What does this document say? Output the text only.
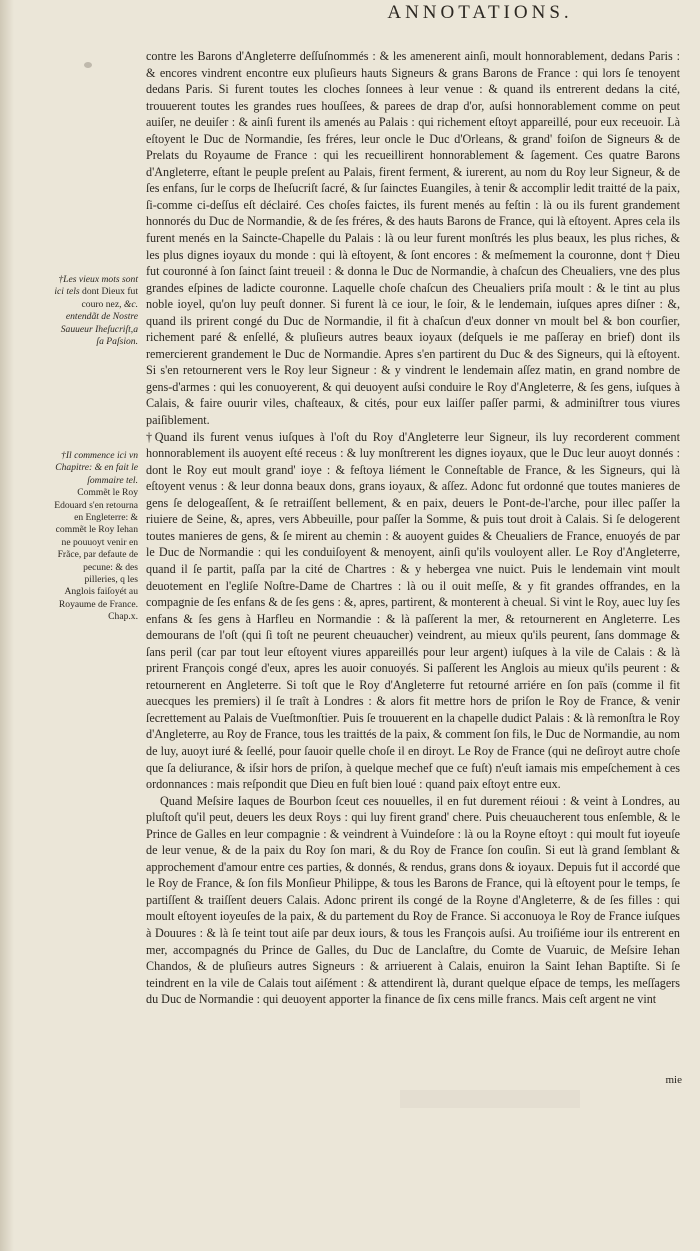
ANNOTATIONS.
†Les vieux mots sont ici tels dont Dieux fut couro nez, &c. entendãt de Nostre Sauueur Iheſucriſt,a ſa Paſsion.
†Il commence ici vn Chapitre: & en fait le ſommaire tel. Commẽt le Roy Edouard s'en retourna en Engleterre: & commẽt le Roy Iehan ne pouuoyt venir en Frãce, par defaute de pecune: & des pilleries, q les Anglois faiſoyét au Royaume de France. Chap.x.

contre les Barons d'Angleterre deſſuſnommés : & les amenerent ainſi, moult honnorablement, dedans Paris : & encores vindrent encontre eux pluſieurs hauts Signeurs & grans Barons de France : qui lors ſe tenoyent dedans Paris. Si furent toutes les cloches ſonnees à leur venue : & quand ils entrerent dedans la cité, trouuerent toutes les grandes rues houſſees, & parees de drap d'or, auſsi honnorablement comme on peut auiſer, ne deuiſer : & ainſi furent ils amenés au Palais : qui richement eſtoyt appareillé, pour eux receuoir. Là eſtoyent le Duc de Normandie, ſes fréres, leur oncle le Duc d'Orleans, & grand' foiſon de Signeurs & de Prelats du Royaume de France : qui les recueillirent honnorablement & ſagement. Ces quatre Barons d'Angleterre, eſtant le peuple preſent au Palais, firent ferment, & iurerent, au nom du Roy leur Signeur, & de ſes enfans, ſur le corps de Iheſucriſt ſacré, & ſur ſainctes Euangiles, à tenir & accomplir ledit traitté de la paix, ſi-comme ci-deſſus eſt déclairé. Ces choſes faictes, ils furent menés au feſtin : là ou ils furent grandement honnorés du Duc de Normandie, & de ſes fréres, & des hauts Barons de France, qui là eſtoyent. Apres cela ils furent menés en la Saincte-Chapelle du Palais : là ou leur furent monſtrés les plus beaux, les plus riches, & les plus dignes ioyaux du monde : qui là eſtoyent, & ſont encores : & meſmement la couronne, dont † Dieu fut couronné à ſon ſainct ſaint treueil : & donna le Duc de Normandie, à chaſcun des Cheualiers, vne des plus grandes eſpines de ladicte couronne. Laquelle choſe chaſcun des Cheualiers priſa moult : & le tint au plus noble ioyel, qu'on luy peuſt donner. Si furent là ce iour, le ſoir, & le lendemain, iuſques apres diſner : &, quand ils prirent congé du Duc de Normandie, il fit à chaſcun d'eux donner vn moult bel & bon courſier, richement paré & enſellé, & pluſieurs autres beaux ioyaux (deſquels ie me paſſeray en brief) dont ils remercierent grandement le Duc de Normandie. Apres s'en partirent du Duc & des Signeurs, qui là eſtoyent. Si s'en retournerent vers le Roy leur Signeur : & y vindrent le lendemain aſſez matin, en grand nombre de gens-d'armes : qui les conuoyerent, & qui deuoyent auſsi conduire le Roy d'Angleterre, & ſes gens, iuſques à Calais, & faire ouurir viles, chaſteaux, & cités, pour eux laiſſer paſſer parmi, & adminiſtrer tous viures paiſiblement.

†Quand ils furent venus iuſques à l'oſt du Roy d'Angleterre leur Signeur, ils luy recorderent comment honnorablement ils auoyent eſté receus : & luy monſtrerent les dignes ioyaux, que le Duc leur auoyt donnés : dont le Roy eut moult grand' ioye : & feſtoya liément le Conneſtable de France, & les Signeurs, qui là eſtoyent venus : & leur donna beaux dons, grans ioyaux, & aſſez. Adonc fut ordonné que toutes manieres de gens ſe delogeaſſent, & ſe retraiſſent bellement, & en paix, deuers le Pont-de-l'arche, pour illec paſſer la riuiere de Seine, &, apres, vers Abbeuille, pour paſſer la Somme, & puis tout droit à Calais. Si ſe delogerent toutes manieres de gens, & ſe mirent au chemin : & auoyent guides & Cheualiers de France, enuoyés de par le Duc de Normandie : qui les conduiſoyent & menoyent, ainſi qu'ils vouloyent aller. Le Roy d'Angleterre, quand il ſe partit, paſſa par la cité de Chartres : & y hebergea vne nuict. Puis le lendemain vint moult deuotement en l'egliſe Noſtre-Dame de Chartres : là ou il ouit meſſe, & y fit grandes offrandes, en la compagnie de ſes enfans & de ſes gens : &, apres, partirent, & monterent à cheual. Si vint le Roy, auec luy ſes enfans & ſes gens à Harfleu en Normandie : & là paſſerent la mer, & retournerent en Angleterre. Les demourans de l'oſt (qui ſi toſt ne peurent cheuaucher) veindrent, au mieux qu'ils peurent, ſans dommage & ſans peril (car par tout leur eſtoyent viures appareillés pour leur argent) iuſques à la vile de Calais : & là prirent François congé d'eux, apres les auoir conuoyés. Si paſſerent les Anglois au mieux qu'ils peurent : & retournerent en Angleterre. Si toſt que le Roy d'Angleterre fut retourné arriére en ſon païs (comme il fit auecques les premiers) il ſe traît à Londres : & alors fit mettre hors de priſon le Roy de France, & venir ſecrettement au Palais de Vueſtmonſtier. Puis ſe trouuerent en la chapelle dudict Palais : & là remonſtra le Roy d'Angleterre, au Roy de France, tous les traittés de la paix, & comment ſon fils, le Duc de Normandie, au nom de luy, auoyt iuré & ſeellé, pour ſauoir quelle choſe il en diroyt. Le Roy de France (qui ne deſiroyt autre choſe que ſa deliurance, & iſsir hors de priſon, à quelque mechef que ce fuſt) n'euſt iamais mis empeſchement à ces ordonnances : mais reſpondit que Dieu en fuſt bien loué : quand paix eſtoyt entre eux.

Quand Meſsire Iaques de Bourbon ſceut ces nouuelles, il en fut durement réioui : & veint à Londres, au pluſtoſt qu'il peut, deuers les deux Roys : qui luy firent grand' chere. Puis cheuaucherent tous enſemble, & le Prince de Galles en leur compagnie : & veindrent à Vuindeſore : là ou la Royne eſtoyt : qui moult fut ioyeuſe de leur venue, & de la paix du Roy ſon mari, & du Roy de France ſon couſin. Si eut là grand ſemblant & approchement d'amour entre ces parties, & donnés, & rendus, grans dons & ioyaux. Depuis fut il accordé que le Roy de France, & ſon fils Monſieur Philippe, & tous les Barons de France, qui là eſtoyent pour le temps, ſe partiſſent & traiſſent deuers Calais. Adonc prirent ils congé de la Royne d'Angleterre, & de ſes filles : qui moult eſtoyent ioyeuſes de la paix, & du partement du Roy de France. Si acconuoya le Roy de France iuſques à Douures : & là ſe teint tout aiſe par deux iours, & tous les François auſsi. Au troiſiéme iour ils entrerent en mer, accompagnés du Prince de Galles, du Duc de Lanclaſtre, du Comte de Vuaruic, de Meſsire Iehan Chandos, & de pluſieurs autres Signeurs : & arriuerent à Calais, enuiron la Saint Iehan Baptiſte. Si ſe teindrent en la vile de Calais tout aiſément : & attendirent là, durant quelque eſpace de temps, les meſſagers du Duc de Normandie : qui deuoyent apporter la finance de ſix cens mille francs. Mais ceſt argent ne vint

mie
